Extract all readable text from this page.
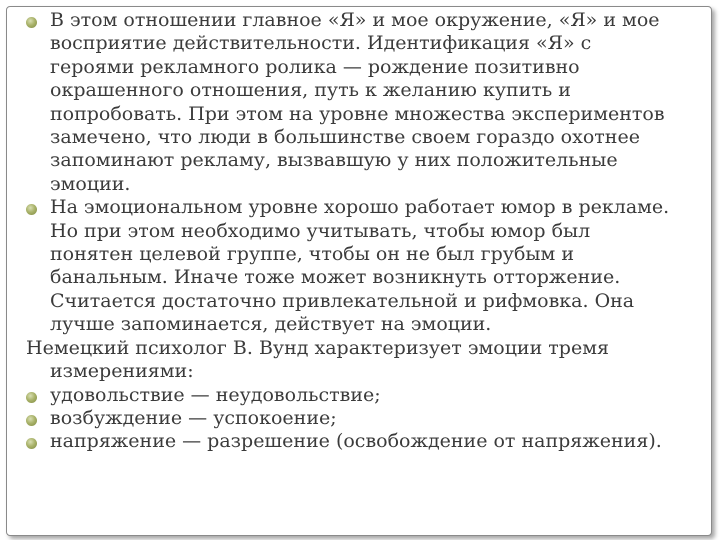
В этом отношении главное «Я» и мое окружение, «Я» и мое
восприятие действительности. Идентификация «Я» с
героями рекламного ролика — рождение позитивно
окрашенного отношения, путь к желанию купить и
попробовать. При этом на уровне множества экспериментов
замечено, что люди в большинстве своем гораздо охотнее
запоминают рекламу, вызвавшую у них положительные
эмоции.
На эмоциональном уровне хорошо работает юмор в рекламе.
Но при этом необходимо учитывать, чтобы юмор был
понятен целевой группе, чтобы он не был грубым и
банальным. Иначе тоже может возникнуть отторжение.
Считается достаточно привлекательной и рифмовка. Она
лучше запоминается, действует на эмоции.
Немецкий психолог В. Вунд характеризует эмоции тремя
измерениями:
удовольствие — неудовольствие;
возбуждение — успокоение;
напряжение — разрешение (освобождение от напряжения).
